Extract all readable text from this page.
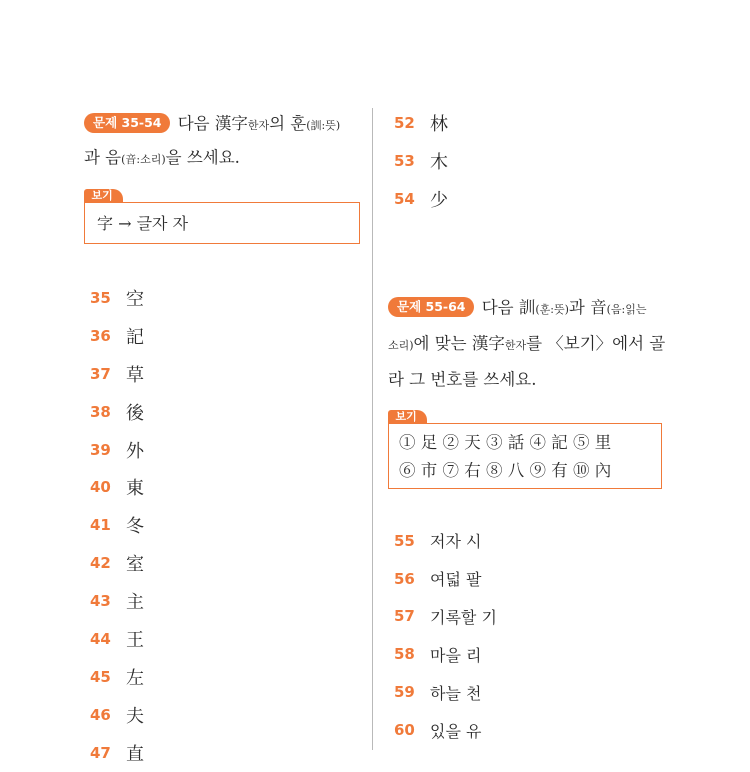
문제 35-54 다음 漢字한자의 훈(訓:뜻)
과 음(音:소리)을 쓰세요.
보기
字 → 글자 자
35 空
36 記
37 草
38 後
39 外
40 東
41 冬
42 室
43 主
44 王
45 左
46 夫
47 直
52 林
53 木
54 少
문제 55-64 다음 訓(훈:뜻)과 音(음:읽는
소리)에 맞는 漢字한자를 〈보기〉에서 골
라 그 번호를 쓰세요.
보기
① 足 ② 天 ③ 話 ④ 記 ⑤ 里
⑥ 市 ⑦ 右 ⑧ 八 ⑨ 有 ⑩ 內
55 저자 시
56 여덟 팔
57 기록할 기
58 마을 리
59 하늘 천
60 있을 유
